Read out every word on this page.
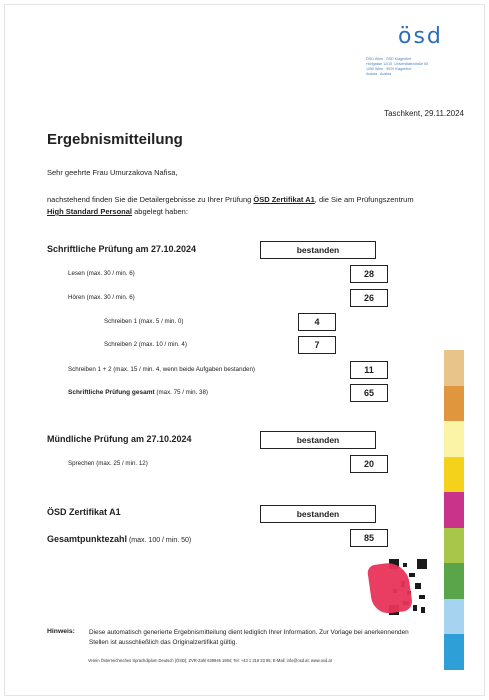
ösd
ÖSD Wien   ÖSD Klagenfurt
Hörlgasse 12/15  Universitätsstraße 65
1090 Wien   9020 Klagenfurt
Austria   Austria
Taschkent, 29.11.2024
Ergebnismitteilung
Sehr geehrte Frau Umurzakova Nafisa,
nachstehend finden Sie die Detailergebnisse zu Ihrer Prüfung ÖSD Zertifikat A1, die Sie am Prüfungszentrum High Standard Personal abgelegt haben:
Schriftliche Prüfung am 27.10.2024	bestanden
Lesen (max. 30 / min. 6)	28
Hören (max. 30 / min. 6)	26
Schreiben 1 (max. 5 / min. 0)	4
Schreiben 2 (max. 10 / min. 4)	7
Schreiben 1 + 2 (max. 15 / min. 4, wenn beide Aufgaben bestanden)	11
Schriftliche Prüfung gesamt (max. 75 / min. 38)	65
Mündliche Prüfung am 27.10.2024	bestanden
Sprechen (max. 25 / min. 12)	20
ÖSD Zertifikat A1	bestanden
Gesamtpunktezahl (max. 100 / min. 50)	85
Hinweis: Diese automatisch generierte Ergebnismitteilung dient lediglich Ihrer Information. Zur Vorlage bei anerkennenden Stellen ist ausschließlich das Originalzertifikat gültig.
Verein Österreichisches Sprachdiplom Deutsch (ÖSD); ZVR-Zahl 639945 1984; Tel: +43 1 319 33 95; E-Mail: info@osd.at; www.osd.at
